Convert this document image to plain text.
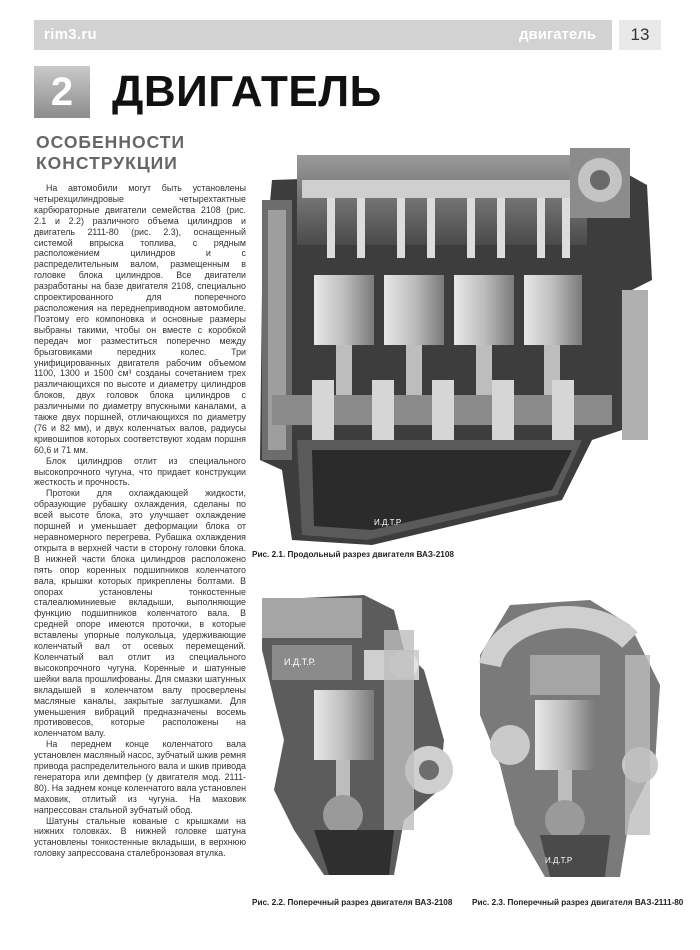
rim3.ru	двигатель	13
2 ДВИГАТЕЛЬ
ОСОБЕННОСТИ
КОНСТРУКЦИИ

На автомобили могут быть установлены четырехцилиндровые четырехтактные карбюраторные двигатели семейства 2108 (рис. 2.1 и 2.2) различного объема цилиндров и двигатель 2111-80 (рис. 2.3), оснащенный системой впрыска топлива, с рядным расположением цилиндров и с распределительным валом, размещенным в головке блока цилиндров. Все двигатели разработаны на базе двигателя 2108, специально спроектированного для поперечного расположения на переднеприводном автомобиле. Поэтому его компоновка и основные размеры выбраны такими, чтобы он вместе с коробкой передач мог разместиться поперечно между брызговиками передних колес. Три унифицированных двигателя рабочим объемом 1100, 1300 и 1500 см³ созданы сочетанием трех различающихся по высоте и диаметру цилиндров блоков, двух головок блока цилиндров с различными по диаметру впускными каналами, а также двух поршней, отличающихся по диаметру (76 и 82 мм), и двух коленчатых валов, радиусы кривошипов которых соответствуют ходам поршня 60,6 и 71 мм.

Блок цилиндров отлит из специального высокопрочного чугуна, что придает конструкции жесткость и прочность.

Протоки для охлаждающей жидкости, образующие рубашку охлаждения, сделаны по всей высоте блока, это улучшает охлаждение поршней и уменьшает деформации блока от неравномерного перегрева. Рубашка охлаждения открыта в верхней части в сторону головки блока. В нижней части блока цилиндров расположено пять опор коренных подшипников коленчатого вала, крышки которых прикреплены болтами. В опорах установлены тонкостенные сталеалюминиевые вкладыши, выполняющие функцию подшипников коленчатого вала. В средней опоре имеются проточки, в которые вставлены упорные полукольца, удерживающие коленчатый вал от осевых перемещений. Коленчатый вал отлит из специального высокопрочного чугуна. Коренные и шатунные шейки вала прошлифованы. Для смазки шатунных вкладышей в коленчатом валу просверлены масляные каналы, закрытые заглушками. Для уменьшения вибраций предназначены восемь противовесов, которые расположены на коленчатом валу.

На переднем конце коленчатого вала установлен масляный насос, зубчатый шкив ремня привода распределительного вала и шкив привода генератора или демпфер (у двигателя мод. 2111-80). На заднем конце коленчатого вала установлен маховик, отлитый из чугуна. На маховик напрессован стальной зубчатый обод.

Шатуны стальные кованые с крышками на нижних головках. В нижней головке шатуна установлены тонкостенные вкладыши, в верхнюю головку запрессована сталебронзовая втулка.

И.Д.Т.Р
Рис. 2.1. Продольный разрез двигателя ВАЗ-2108
И.Д.Т.Р.
Рис. 2.2. Поперечный разрез двигателя ВАЗ-2108
И.Д.Т.Р
Рис. 2.3. Поперечный разрез двигателя ВАЗ-2111-80
